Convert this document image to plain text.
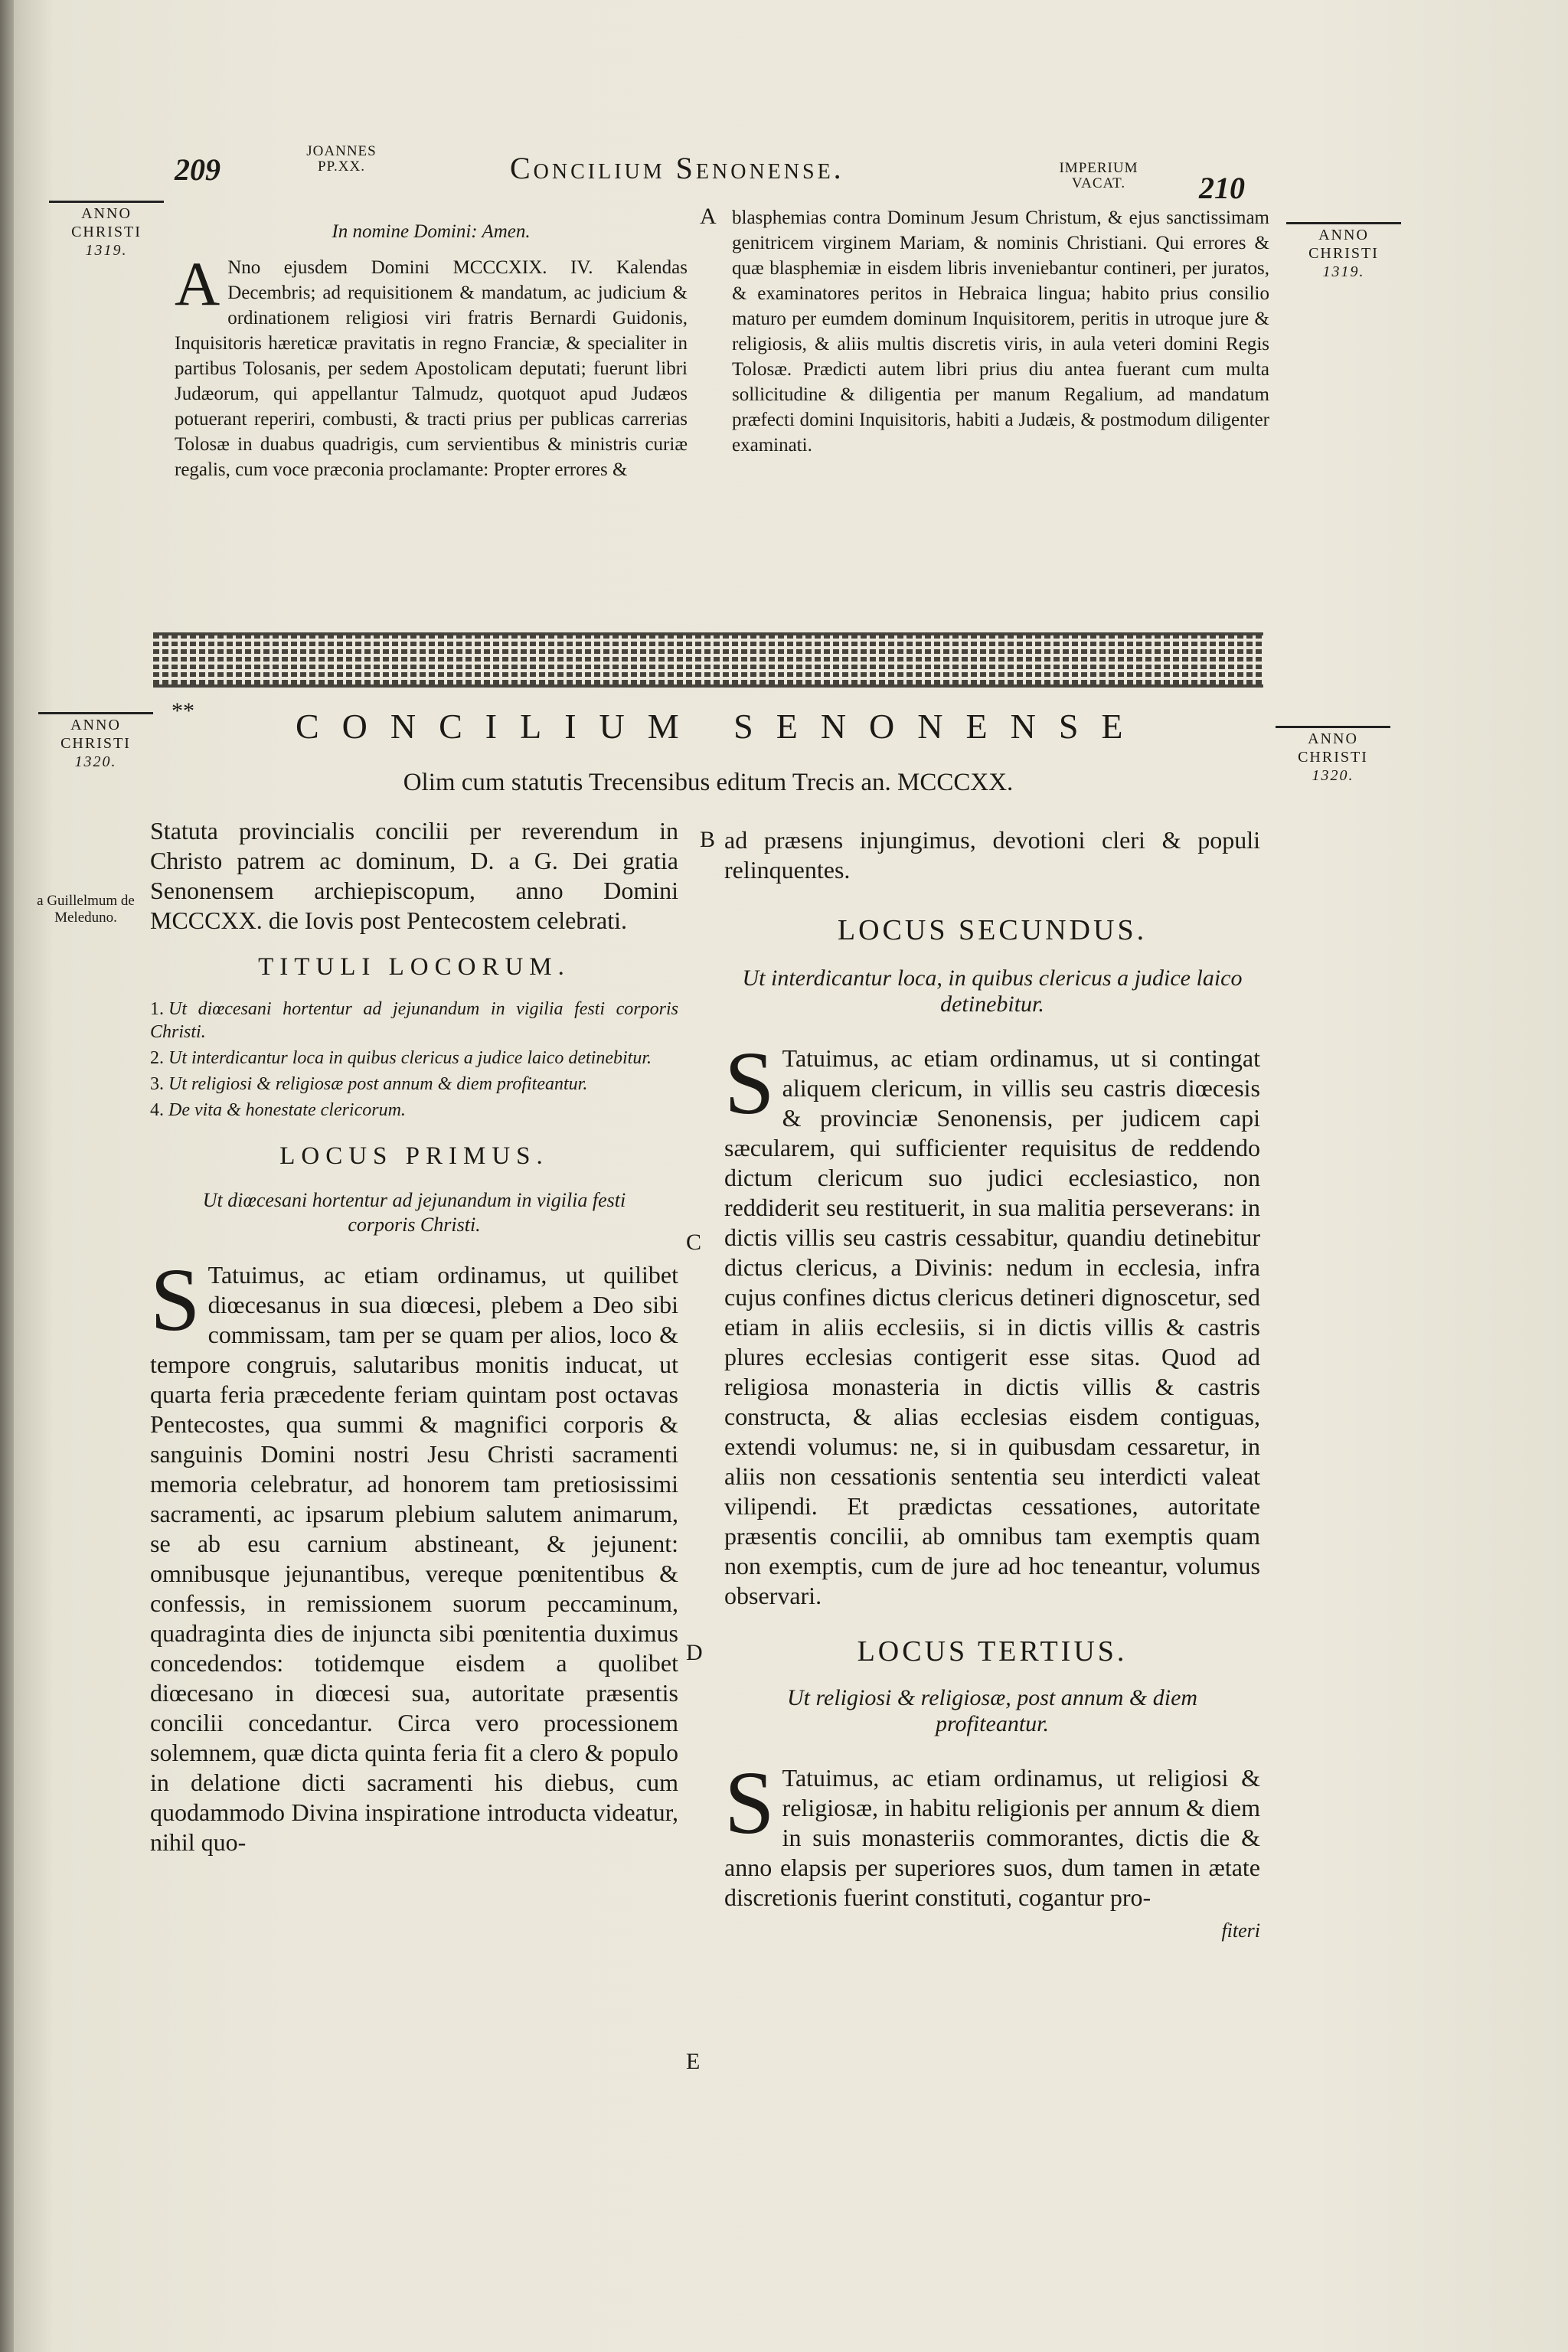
209
JOANNES PP.XX.	Concilium Senonense.	IMPERIUM VACAT.	210
ANNO CHRISTI
1319.
ANNO CHRISTI
1320.
a Guillelmum de Meleduno.
ANNO CHRISTI
1319.
ANNO CHRISTI
1320.
A
B
C
D
E
In nomine Domini: Amen.
A Nno ejusdem Domini MCCCXIX. IV. Kalendas Decembris; ad requisitionem & mandatum, ac judicium & ordinationem religiosi viri fratris Bernardi Guidonis, Inquisitoris hæreticæ pravitatis in regno Franciæ, & specialiter in partibus Tolosanis, per sedem Apostolicam deputati; fuerunt libri Judæorum, qui appellantur Talmudz, quotquot apud Judæos potuerant reperiri, combusti, & tracti prius per publicas carrerias Tolosæ in duabus quadrigis, cum servientibus & ministris curiæ regalis, cum voce præconia proclamante: Propter errores &

blasphemias contra Dominum Jesum Christum, & ejus sanctissimam genitricem virginem Mariam, & nominis Christiani. Qui errores & quæ blasphemiæ in eisdem libris inveniebantur contineri, per juratos, & examinatores peritos in Hebraica lingua; habito prius consilio maturo per eumdem dominum Inquisitorem, peritis in utroque jure & religiosis, & aliis multis discretis viris, in aula veteri domini Regis Tolosæ. Prædicti autem libri prius diu antea fuerant cum multa sollicitudine & diligentia per manum Regalium, ad mandatum præfecti domini Inquisitoris, habiti a Judæis, & postmodum diligenter examinati.

**	CONCILIUM SENONENSE
Olim cum statutis Trecensibus editum Trecis an. MCCCXX.

Statuta provincialis concilii per reverendum in Christo patrem ac dominum, D. a G. Dei gratia Senonensem archiepiscopum, anno Domini MCCCXX. die Iovis post Pentecostem celebrati.

TITULI LOCORUM.
1. Ut diœcesani hortentur ad jejunandum in vigilia festi corporis Christi.
2. Ut interdicantur loca in quibus clericus a judice laico detinebitur.
3. Ut religiosi & religiosæ post annum & diem profiteantur.
4. De vita & honestate clericorum.
LOCUS PRIMUS.
Ut diœcesani hortentur ad jejunandum in vigilia festi corporis Christi.
S Tatuimus, ac etiam ordinamus, ut quilibet diœcesanus in sua diœcesi, plebem a Deo sibi commissam, tam per se quam per alios, loco & tempore congruis, salutaribus monitis inducat, ut quarta feria præcedente feriam quintam post octavas Pentecostes, qua summi & magnifici corporis & sanguinis Domini nostri Jesu Christi sacramenti memoria celebratur, ad honorem tam pretiosissimi sacramenti, ac ipsarum plebium salutem animarum, se ab esu carnium abstineant, & jejunent: omnibusque jejunantibus, vereque pœnitentibus & confessis, in remissionem suorum peccaminum, quadraginta dies de injuncta sibi pœnitentia duximus concedendos: totidemque eisdem a quolibet diœcesano in diœcesi sua, autoritate præsentis concilii concedantur. Circa vero processionem solemnem, quæ dicta quinta feria fit a clero & populo in delatione dicti sacramenti his diebus, cum quodammodo Divina inspiratione introducta videatur, nihil quo-

ad præsens injungimus, devotioni cleri & populi relinquentes.

LOCUS SECUNDUS.
Ut interdicantur loca, in quibus clericus a judice laico detinebitur.
S Tatuimus, ac etiam ordinamus, ut si contingat aliquem clericum, in villis seu castris diœcesis & provinciæ Senonensis, per judicem capi sæcularem, qui sufficienter requisitus de reddendo dictum clericum suo judici ecclesiastico, non reddiderit seu restituerit, in sua malitia perseverans: in dictis villis seu castris cessabitur, quandiu detinebitur dictus clericus, a Divinis: nedum in ecclesia, infra cujus confines dictus clericus detineri dignoscetur, sed etiam in aliis ecclesiis, si in dictis villis & castris plures ecclesias contigerit esse sitas. Quod ad religiosa monasteria in dictis villis & castris constructa, & alias ecclesias eisdem contiguas, extendi volumus: ne, si in quibusdam cessaretur, in aliis non cessationis sententia seu interdicti valeat vilipendi. Et prædictas cessationes, autoritate præsentis concilii, ab omnibus tam exemptis quam non exemptis, cum de jure ad hoc teneantur, volumus observari.

LOCUS TERTIUS.
Ut religiosi & religiosæ, post annum & diem profiteantur.
S Tatuimus, ac etiam ordinamus, ut religiosi & religiosæ, in habitu religionis per annum & diem in suis monasteriis commorantes, dictis die & anno elapsis per superiores suos, dum tamen in ætate discretionis fuerint constituti, cogantur pro-

fiteri
